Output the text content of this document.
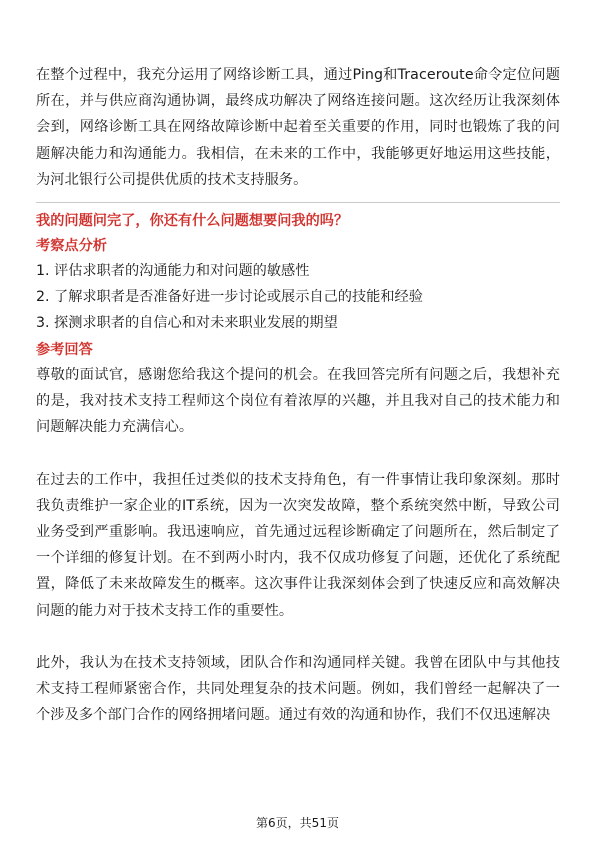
在整个过程中，我充分运用了网络诊断工具，通过Ping和Traceroute命令定位问题所在，并与供应商沟通协调，最终成功解决了网络连接问题。这次经历让我深刻体会到，网络诊断工具在网络故障诊断中起着至关重要的作用，同时也锻炼了我的问题解决能力和沟通能力。我相信，在未来的工作中，我能够更好地运用这些技能，为河北银行公司提供优质的技术支持服务。

我的问题问完了，你还有什么问题想要问我的吗？

考察点分析

1. 评估求职者的沟通能力和对问题的敏感性
2. 了解求职者是否准备好进一步讨论或展示自己的技能和经验
3. 探测求职者的自信心和对未来职业发展的期望

参考回答

尊敬的面试官，感谢您给我这个提问的机会。在我回答完所有问题之后，我想补充的是，我对技术支持工程师这个岗位有着浓厚的兴趣，并且我对自己的技术能力和问题解决能力充满信心。

在过去的工作中，我担任过类似的技术支持角色，有一件事情让我印象深刻。那时我负责维护一家企业的IT系统，因为一次突发故障，整个系统突然中断，导致公司业务受到严重影响。我迅速响应，首先通过远程诊断确定了问题所在，然后制定了一个详细的修复计划。在不到两小时内，我不仅成功修复了问题，还优化了系统配置，降低了未来故障发生的概率。这次事件让我深刻体会到了快速反应和高效解决问题的能力对于技术支持工作的重要性。

此外，我认为在技术支持领域，团队合作和沟通同样关键。我曾在团队中与其他技术支持工程师紧密合作，共同处理复杂的技术问题。例如，我们曾经一起解决了一个涉及多个部门合作的网络拥堵问题。通过有效的沟通和协作，我们不仅迅速解决

第6页，共51页
